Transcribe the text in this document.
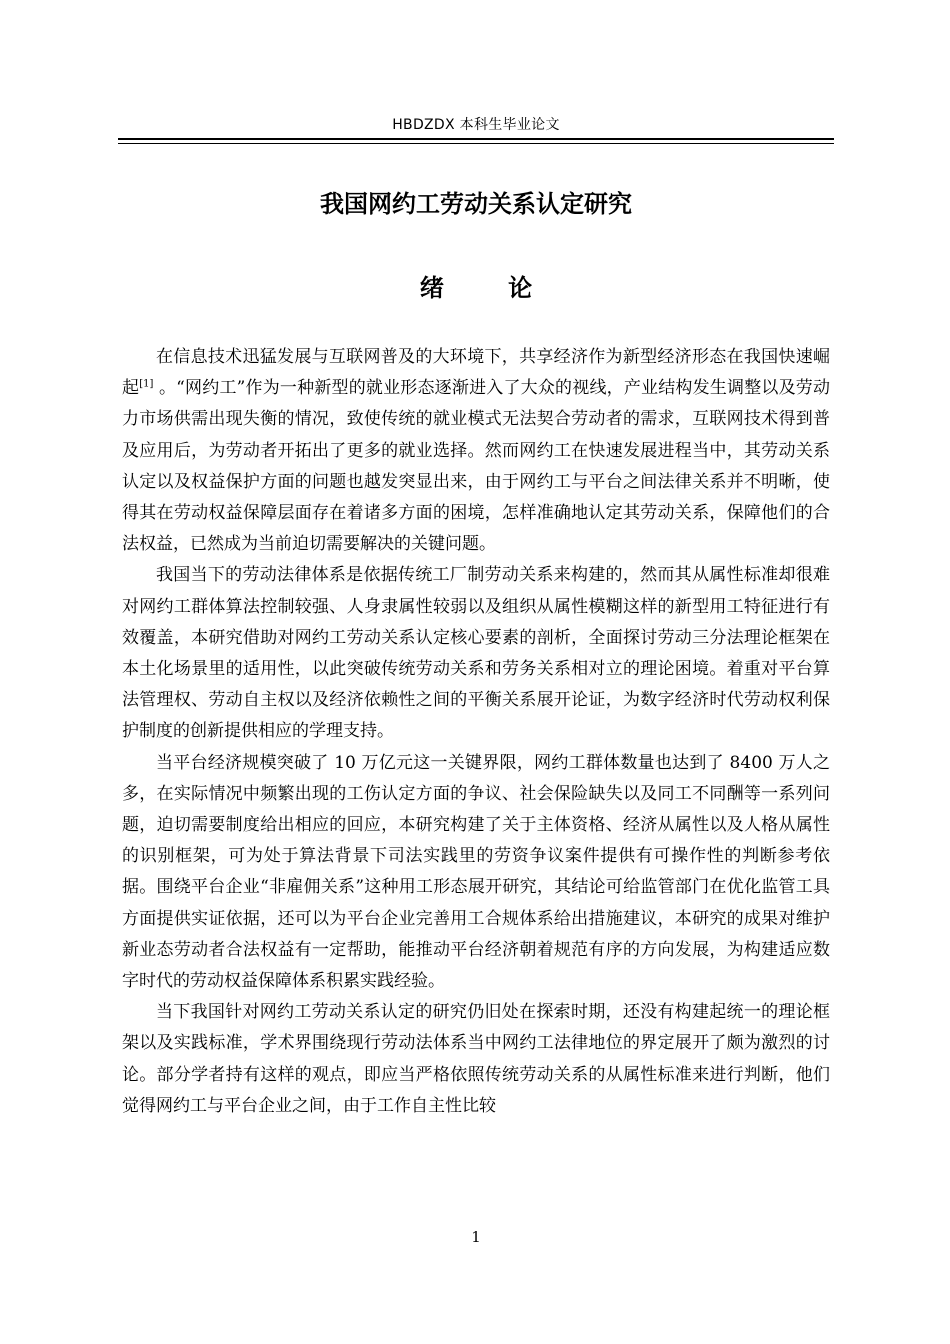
HBDZDX 本科生毕业论文
我国网约工劳动关系认定研究
绪 论

在信息技术迅猛发展与互联网普及的大环境下，共享经济作为新型经济形态在我国快速崛起[1] 。“网约工”作为一种新型的就业形态逐渐进入了大众的视线，产业结构发生调整以及劳动力市场供需出现失衡的情况，致使传统的就业模式无法契合劳动者的需求，互联网技术得到普及应用后，为劳动者开拓出了更多的就业选择。然而网约工在快速发展进程当中，其劳动关系认定以及权益保护方面的问题也越发突显出来，由于网约工与平台之间法律关系并不明晰，使得其在劳动权益保障层面存在着诸多方面的困境，怎样准确地认定其劳动关系，保障他们的合法权益，已然成为当前迫切需要解决的关键问题。

我国当下的劳动法律体系是依据传统工厂制劳动关系来构建的，然而其从属性标准却很难对网约工群体算法控制较强、人身隶属性较弱以及组织从属性模糊这样的新型用工特征进行有效覆盖，本研究借助对网约工劳动关系认定核心要素的剖析，全面探讨劳动三分法理论框架在本土化场景里的适用性，以此突破传统劳动关系和劳务关系相对立的理论困境。着重对平台算法管理权、劳动自主权以及经济依赖性之间的平衡关系展开论证，为数字经济时代劳动权利保护制度的创新提供相应的学理支持。

当平台经济规模突破了 10 万亿元这一关键界限，网约工群体数量也达到了 8400 万人之多，在实际情况中频繁出现的工伤认定方面的争议、社会保险缺失以及同工不同酬等一系列问题，迫切需要制度给出相应的回应，本研究构建了关于主体资格、经济从属性以及人格从属性的识别框架，可为处于算法背景下司法实践里的劳资争议案件提供有可操作性的判断参考依据。围绕平台企业“非雇佣关系”这种用工形态展开研究，其结论可给监管部门在优化监管工具方面提供实证依据，还可以为平台企业完善用工合规体系给出措施建议，本研究的成果对维护新业态劳动者合法权益有一定帮助，能推动平台经济朝着规范有序的方向发展，为构建适应数字时代的劳动权益保障体系积累实践经验。

当下我国针对网约工劳动关系认定的研究仍旧处在探索时期，还没有构建起统一的理论框架以及实践标准，学术界围绕现行劳动法体系当中网约工法律地位的界定展开了颇为激烈的讨论。部分学者持有这样的观点，即应当严格依照传统劳动关系的从属性标准来进行判断，他们觉得网约工与平台企业之间，由于工作自主性比较

1
